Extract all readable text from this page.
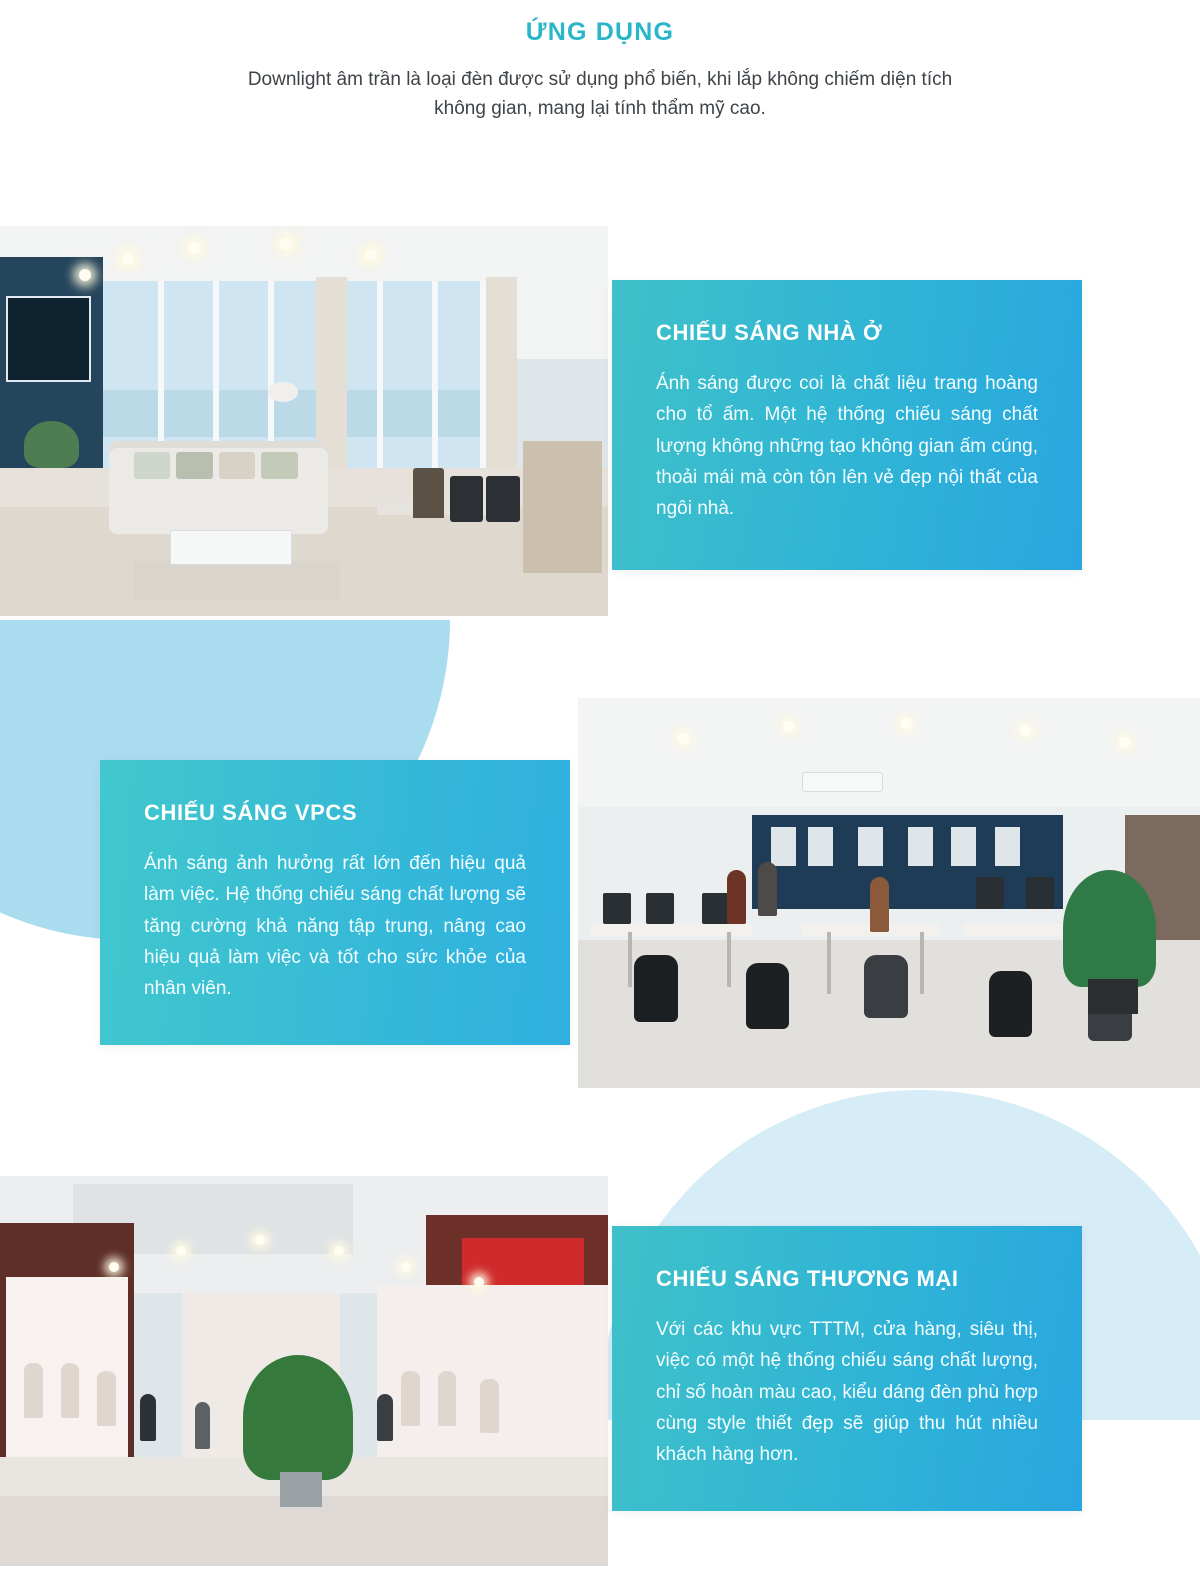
ỨNG DỤNG

Downlight âm trần là loại đèn được sử dụng phổ biến, khi lắp không chiếm diện tích không gian, mang lại tính thẩm mỹ cao.

CHIẾU SÁNG NHÀ Ở

Ánh sáng được coi là chất liệu trang hoàng cho tổ ấm. Một hệ thống chiếu sáng chất lượng không những tạo không gian ấm cúng, thoải mái mà còn tôn lên vẻ đẹp nội thất của ngôi nhà.

CHIẾU SÁNG VPCS

Ánh sáng ảnh hưởng rất lớn đến hiệu quả làm việc. Hệ thống chiếu sáng chất lượng sẽ tăng cường khả năng tập trung, nâng cao hiệu quả làm việc và tốt cho sức khỏe của nhân viên.

CHIẾU SÁNG THƯƠNG MẠI

Với các khu vực TTTM, cửa hàng, siêu thị, việc có một hệ thống chiếu sáng chất lượng, chỉ số hoàn màu cao, kiểu dáng đèn phù hợp cùng style thiết đẹp sẽ giúp thu hút nhiều khách hàng hơn.
